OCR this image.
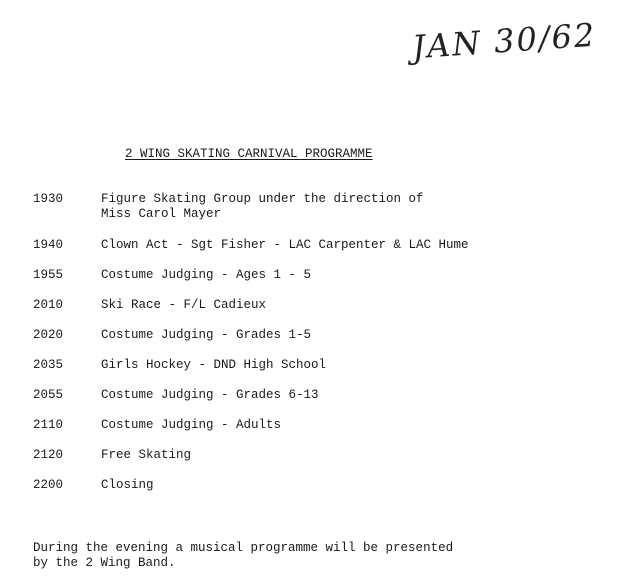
JAN 30/62
2 WING SKATING CARNIVAL PROGRAMME
1930	Figure Skating Group under the direction of
Miss Carol Mayer
1940	Clown Act - Sgt Fisher - LAC Carpenter & LAC Hume
1955	Costume Judging - Ages 1 - 5
2010	Ski Race - F/L Cadieux
2020	Costume Judging - Grades 1-5
2035	Girls Hockey - DND High School
2055	Costume Judging - Grades 6-13
2110	Costume Judging - Adults
2120	Free Skating
2200	Closing
During the evening a musical programme will be presented
by the 2 Wing Band.
